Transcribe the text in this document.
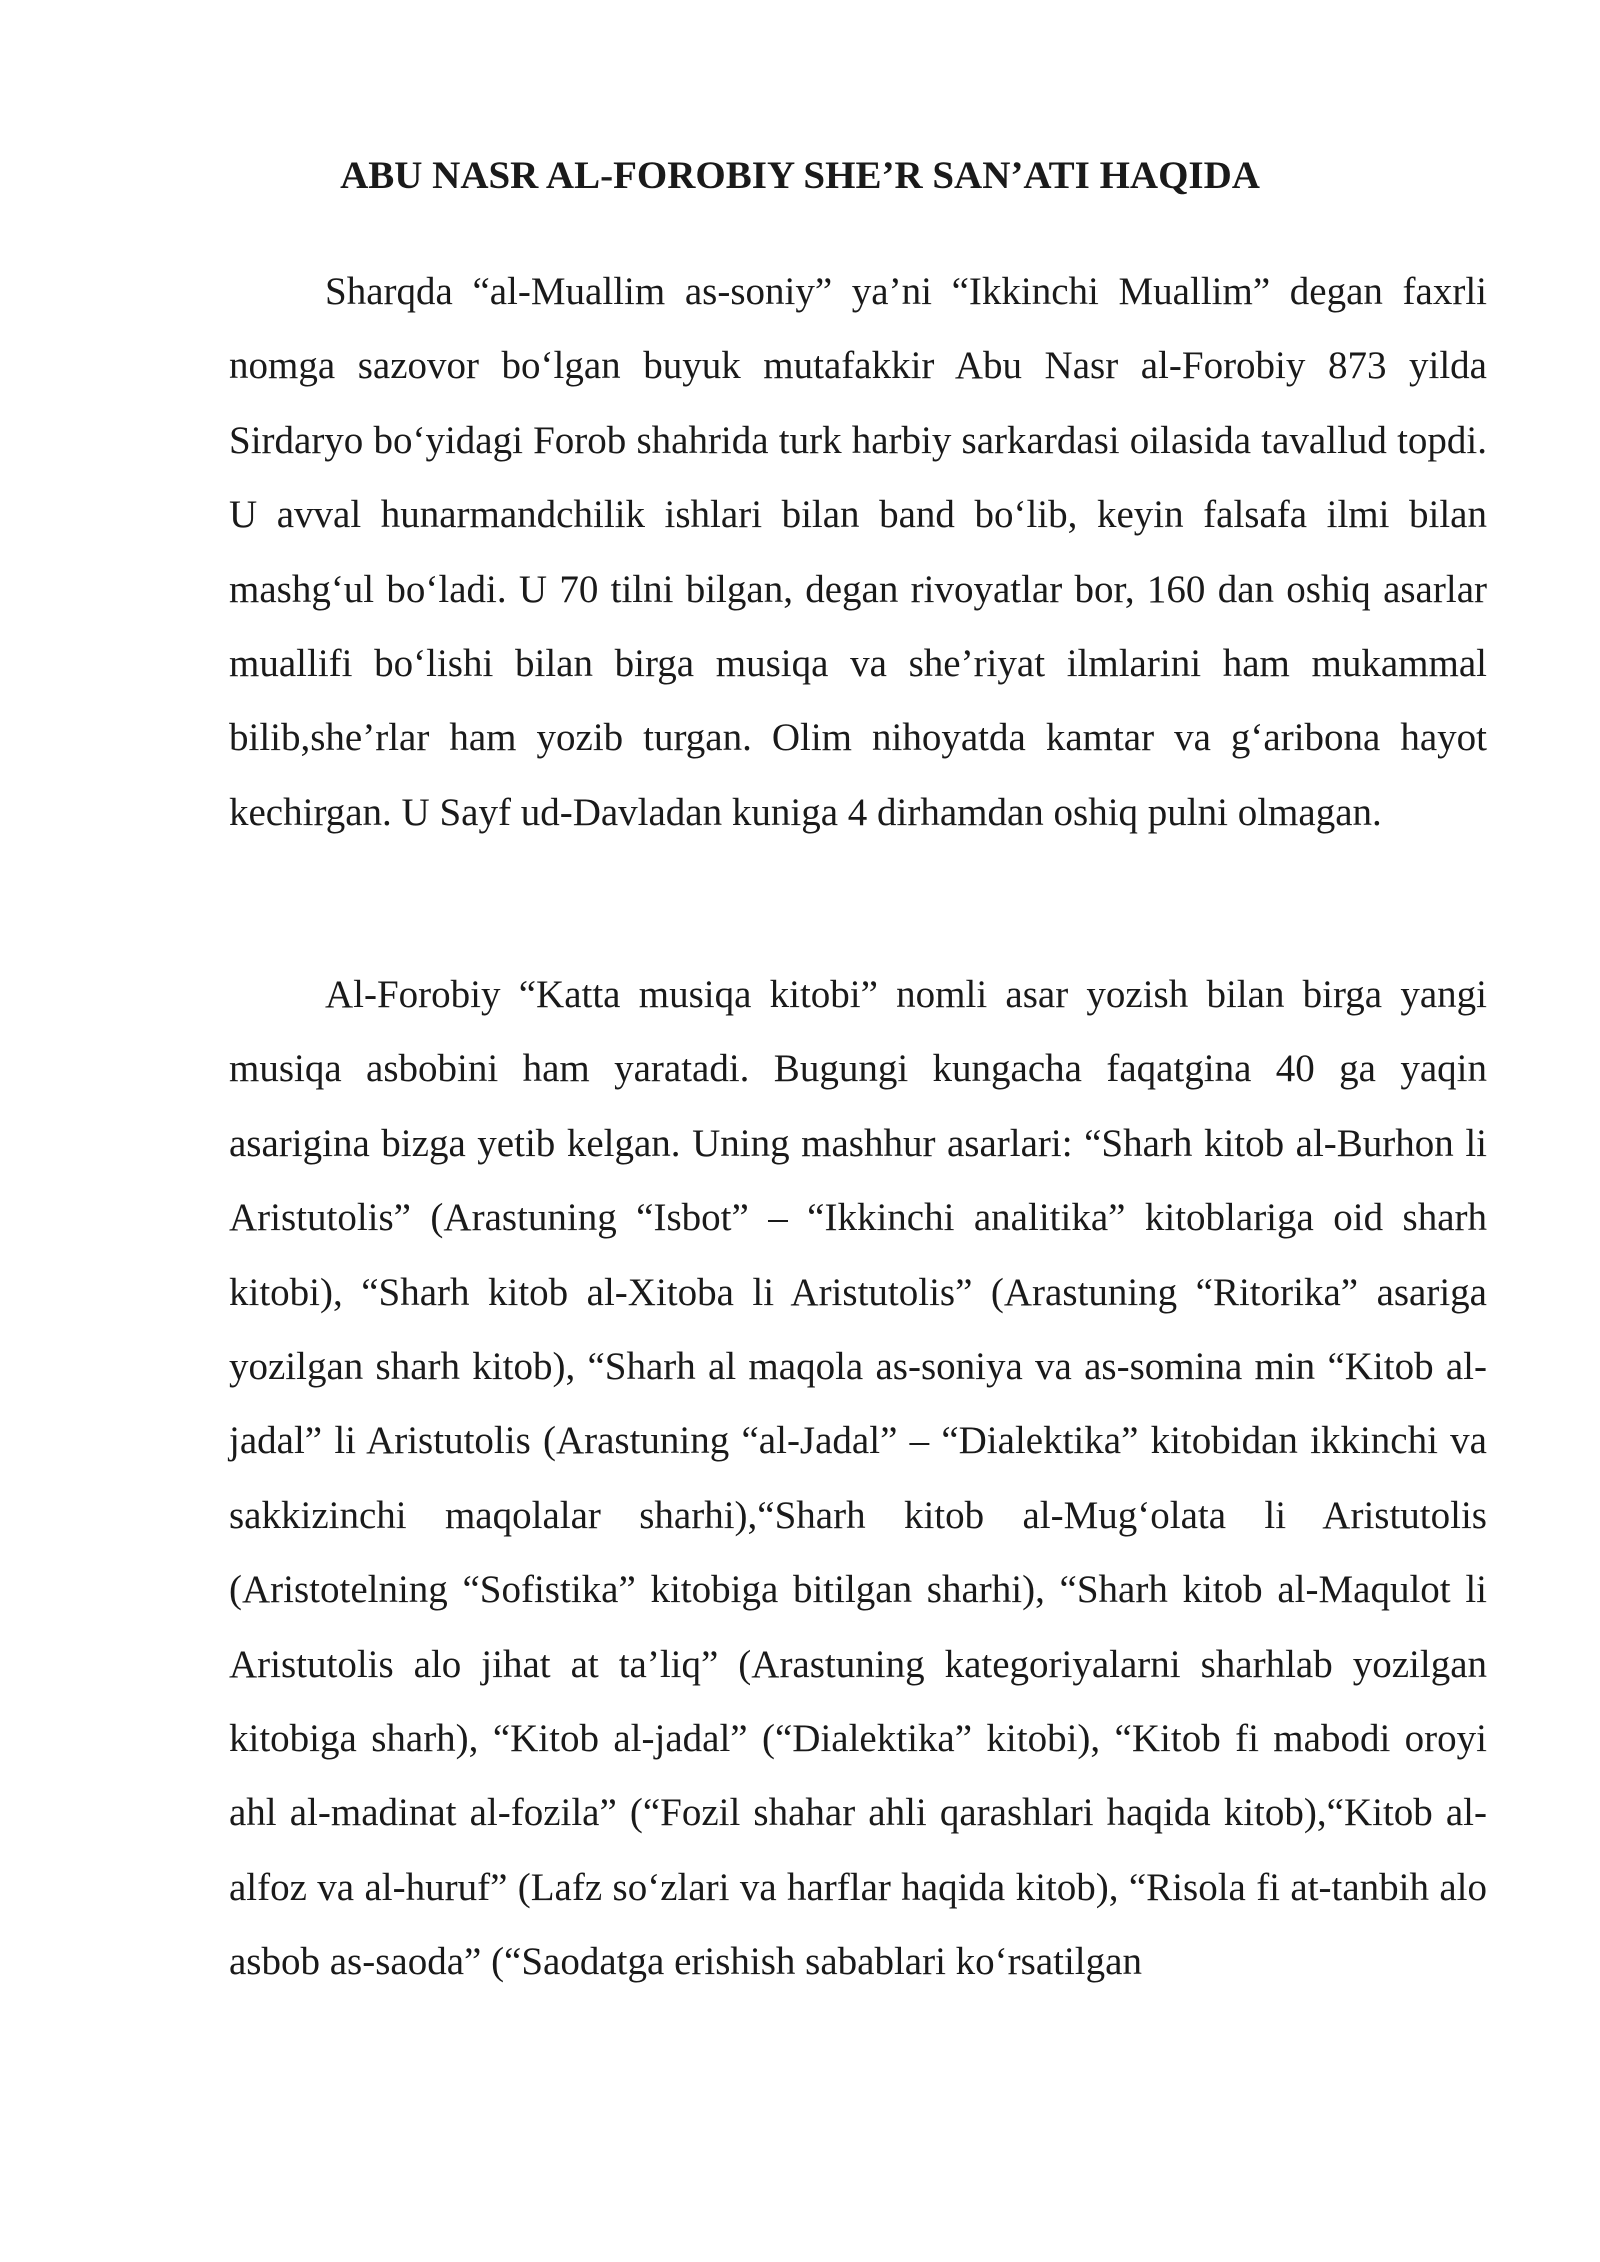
ABU NASR AL-FOROBIY SHE’R SAN’ATI HAQIDA

Sharqda “al-Muallim as-soniy” ya’ni “Ikkinchi Muallim” degan faxrli nomga sazovor bo‘lgan buyuk mutafakkir Abu Nasr al-Forobiy 873 yilda Sirdaryo bo‘yidagi Forob shahrida turk harbiy sarkardasi oilasida tavallud topdi. U avval hunarmandchilik ishlari bilan band bo‘lib, keyin falsafa ilmi bilan mashg‘ul bo‘ladi. U 70 tilni bilgan, degan rivoyatlar bor, 160 dan oshiq asarlar muallifi bo‘lishi bilan birga musiqa va she’riyat ilmlarini ham mukammal bilib,she’rlar ham yozib turgan. Olim nihoyatda kamtar va g‘aribona hayot kechirgan. U Sayf ud-Davladan kuniga 4 dirhamdan oshiq pulni olmagan.

Al-Forobiy “Katta musiqa kitobi” nomli asar yozish bilan birga yangi musiqa asbobini ham yaratadi. Bugungi kungacha faqatgina 40 ga yaqin asarigina bizga yetib kelgan. Uning mashhur asarlari: “Sharh kitob al-Burhon li Aristutolis” (Arastuning “Isbot” – “Ikkinchi analitika” kitoblariga oid sharh kitobi), “Sharh kitob al-Xitoba li Aristutolis” (Arastuning “Ritorika” asariga yozilgan sharh kitob), “Sharh al maqola as-soniya va as-somina min “Kitob al-jadal” li Aristutolis (Arastuning “al-Jadal” – “Dialektika” kitobidan ikkinchi va sakkizinchi maqolalar sharhi),“Sharh kitob al-Mug‘olata li Aristutolis (Aristotelning “Sofistika” kitobiga bitilgan sharhi), “Sharh kitob al-Maqulot li Aristutolis alo jihat at ta’liq” (Arastuning kategoriyalarni sharhlab yozilgan kitobiga sharh), “Kitob al-jadal” (“Dialektika” kitobi), “Kitob fi mabodi oroyi ahl al-madinat al-fozila” (“Fozil shahar ahli qarashlari haqida kitob),“Kitob al-alfoz va al-huruf” (Lafz so‘zlari va harflar haqida kitob), “Risola fi at-tanbih alo asbob as-saoda” (“Saodatga erishish sabablari ko‘rsatilgan
